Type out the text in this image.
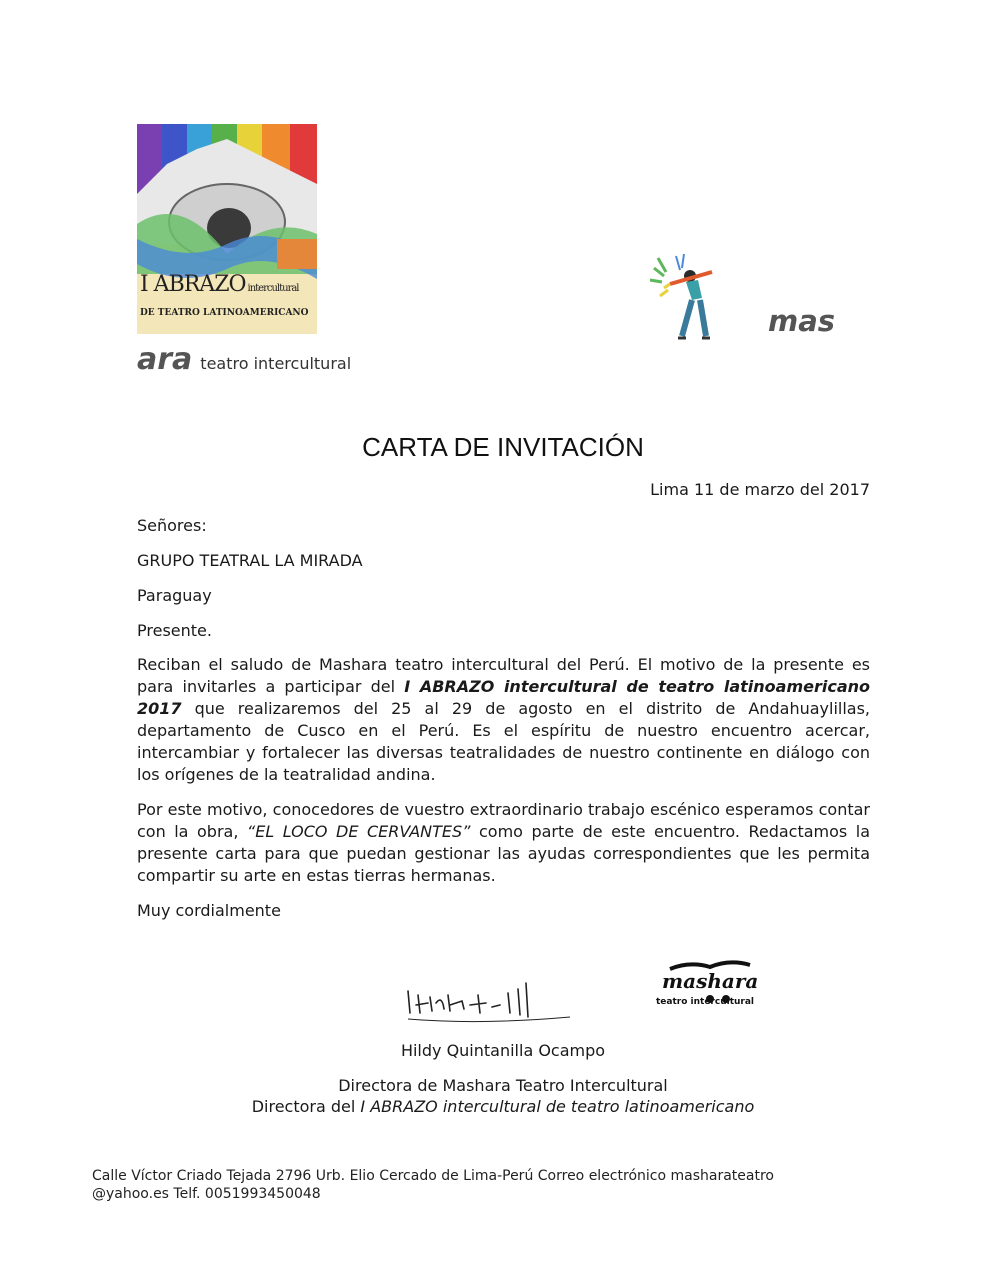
I ABRAZO intercultural
DE TEATRO LATINOAMERICANO	mas
ara teatro intercultural
CARTA DE INVITACIÓN
Lima 11 de marzo del 2017
Señores:
GRUPO TEATRAL LA MIRADA
Paraguay
Presente.
Reciban el saludo de Mashara teatro intercultural del Perú. El motivo de la presente es para invitarles a participar del I ABRAZO intercultural de teatro latinoamericano 2017 que realizaremos del 25 al 29 de agosto en el distrito de Andahuaylillas, departamento de Cusco en el Perú. Es el espíritu de nuestro encuentro acercar, intercambiar y fortalecer las diversas teatralidades de nuestro continente en diálogo con los orígenes de la teatralidad andina.
Por este motivo, conocedores de vuestro extraordinario trabajo escénico esperamos contar con la obra, “EL LOCO DE CERVANTES” como parte de este encuentro. Redactamos la presente carta para que puedan gestionar las ayudas correspondientes que les permita compartir su arte en estas tierras hermanas.
Muy cordialmente
mashara
teatro intercultural
Hildy Quintanilla Ocampo
Directora de Mashara Teatro Intercultural
Directora del I ABRAZO intercultural de teatro latinoamericano
Calle Víctor Criado Tejada 2796 Urb. Elio Cercado de Lima-Perú Correo electrónico masharateatro
@yahoo.es Telf. 0051993450048
